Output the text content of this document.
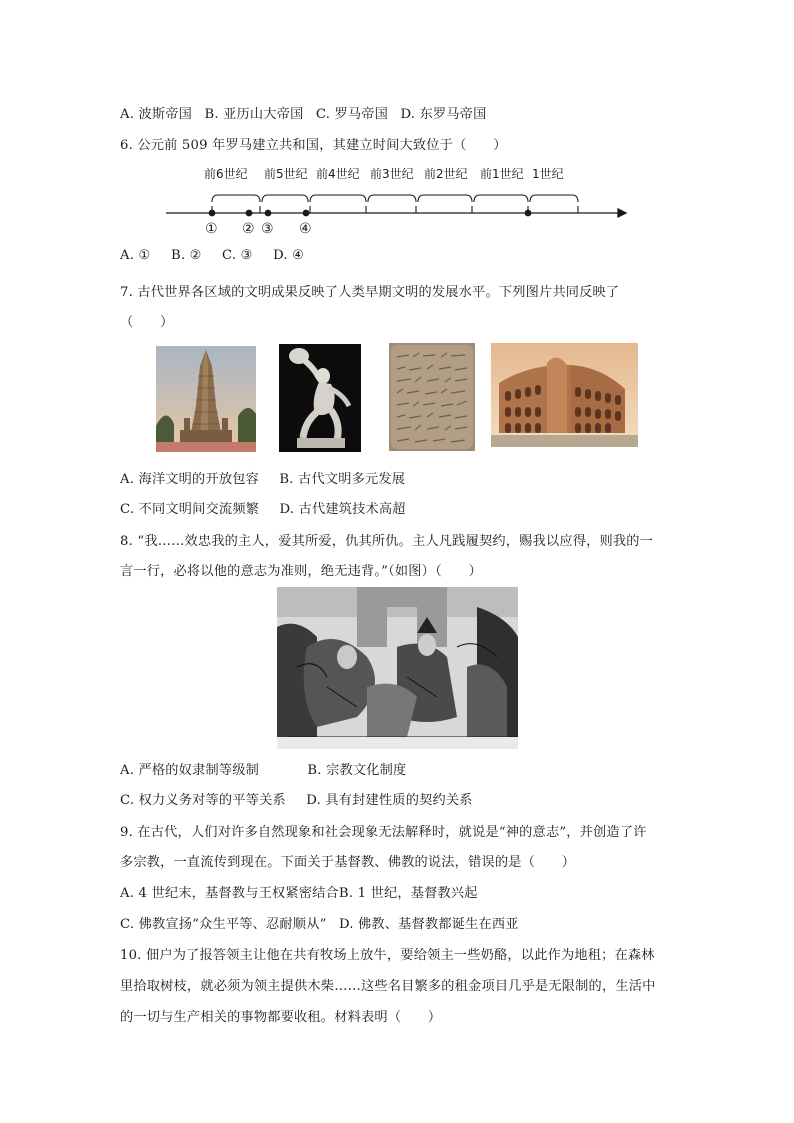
A. 波斯帝国 B. 亚历山大帝国 C. 罗马帝国 D. 东罗马帝国
6. 公元前 509 年罗马建立共和国，其建立时间大致位于（　　）
前6世纪 前5世纪 前4世纪 前3世纪 前2世纪 前1世纪 1世纪
① ② ③ ④
A. ① B. ② C. ③ D. ④
7. 古代世界各区域的文明成果反映了人类早期文明的发展水平。下列图片共同反映了
（　　）
A. 海洋文明的开放包容 B. 古代文明多元发展
C. 不同文明间交流频繁 D. 古代建筑技术高超
8. “我……效忠我的主人，爱其所爱，仇其所仇。主人凡践履契约，赐我以应得，则我的一
言一行，必将以他的意志为准则，绝无违背。”（如图）（　　）
A. 严格的奴隶制等级制	B. 宗教文化制度
C. 权力义务对等的平等关系 D. 具有封建性质的契约关系
9. 在古代，人们对许多自然现象和社会现象无法解释时，就说是“神的意志”，并创造了许
多宗教，一直流传到现在。下面关于基督教、佛教的说法，错误的是（　　）
A. 4 世纪末，基督教与王权紧密结合B. 1 世纪，基督教兴起
C. 佛教宣扬“众生平等、忍耐顺从” D. 佛教、基督教都诞生在西亚
10. 佃户为了报答领主让他在共有牧场上放牛，要给领主一些奶酪，以此作为地租；在森林
里拾取树枝，就必须为领主提供木柴……这些名目繁多的租金项目几乎是无限制的，生活中
的一切与生产相关的事物都要收租。材料表明（　　）
